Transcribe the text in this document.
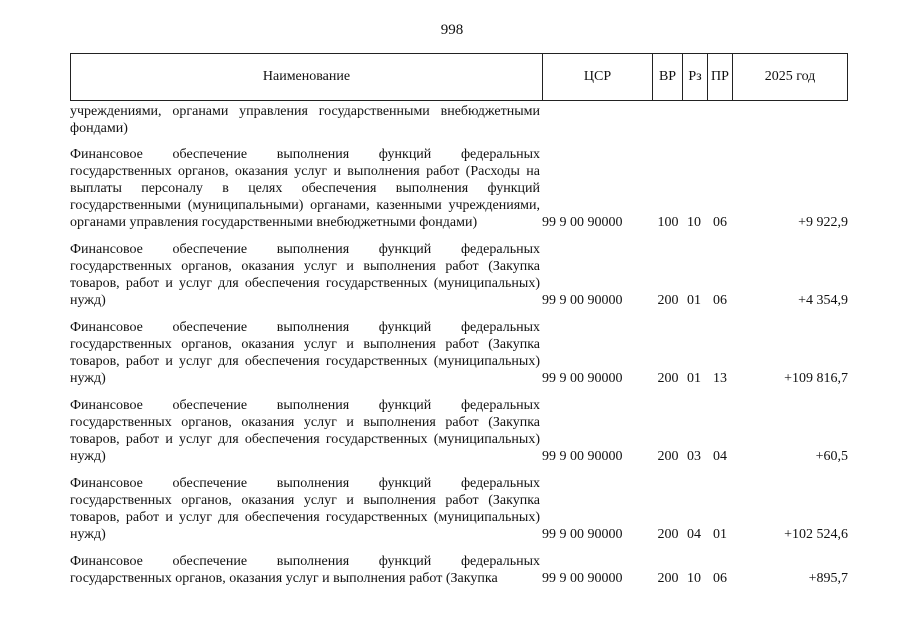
998
Наименование	ЦСР	ВР Рз ПР	2025 год
учреждениями, органами управления государственными внебюджетными фондами)
Финансовое обеспечение выполнения функций федеральных государственных органов, оказания услуг и выполнения работ (Расходы на выплаты персоналу в целях обеспечения выполнения функций государственными (муниципальными) органами, казенными учреждениями, органами управления государственными внебюджетными фондами)	99 9 00 90000	100 10 06	+9 922,9
Финансовое обеспечение выполнения функций федеральных государственных органов, оказания услуг и выполнения работ (Закупка товаров, работ и услуг для обеспечения государственных (муниципальных) нужд)	99 9 00 90000	200 01 06	+4 354,9
Финансовое обеспечение выполнения функций федеральных государственных органов, оказания услуг и выполнения работ (Закупка товаров, работ и услуг для обеспечения государственных (муниципальных) нужд)	99 9 00 90000	200 01 13	+109 816,7
Финансовое обеспечение выполнения функций федеральных государственных органов, оказания услуг и выполнения работ (Закупка товаров, работ и услуг для обеспечения государственных (муниципальных) нужд)	99 9 00 90000	200 03 04	+60,5
Финансовое обеспечение выполнения функций федеральных государственных органов, оказания услуг и выполнения работ (Закупка товаров, работ и услуг для обеспечения государственных (муниципальных) нужд)	99 9 00 90000	200 04 01	+102 524,6
Финансовое обеспечение выполнения функций федеральных государственных органов, оказания услуг и выполнения работ (Закупка	99 9 00 90000	200 10 06	+895,7
